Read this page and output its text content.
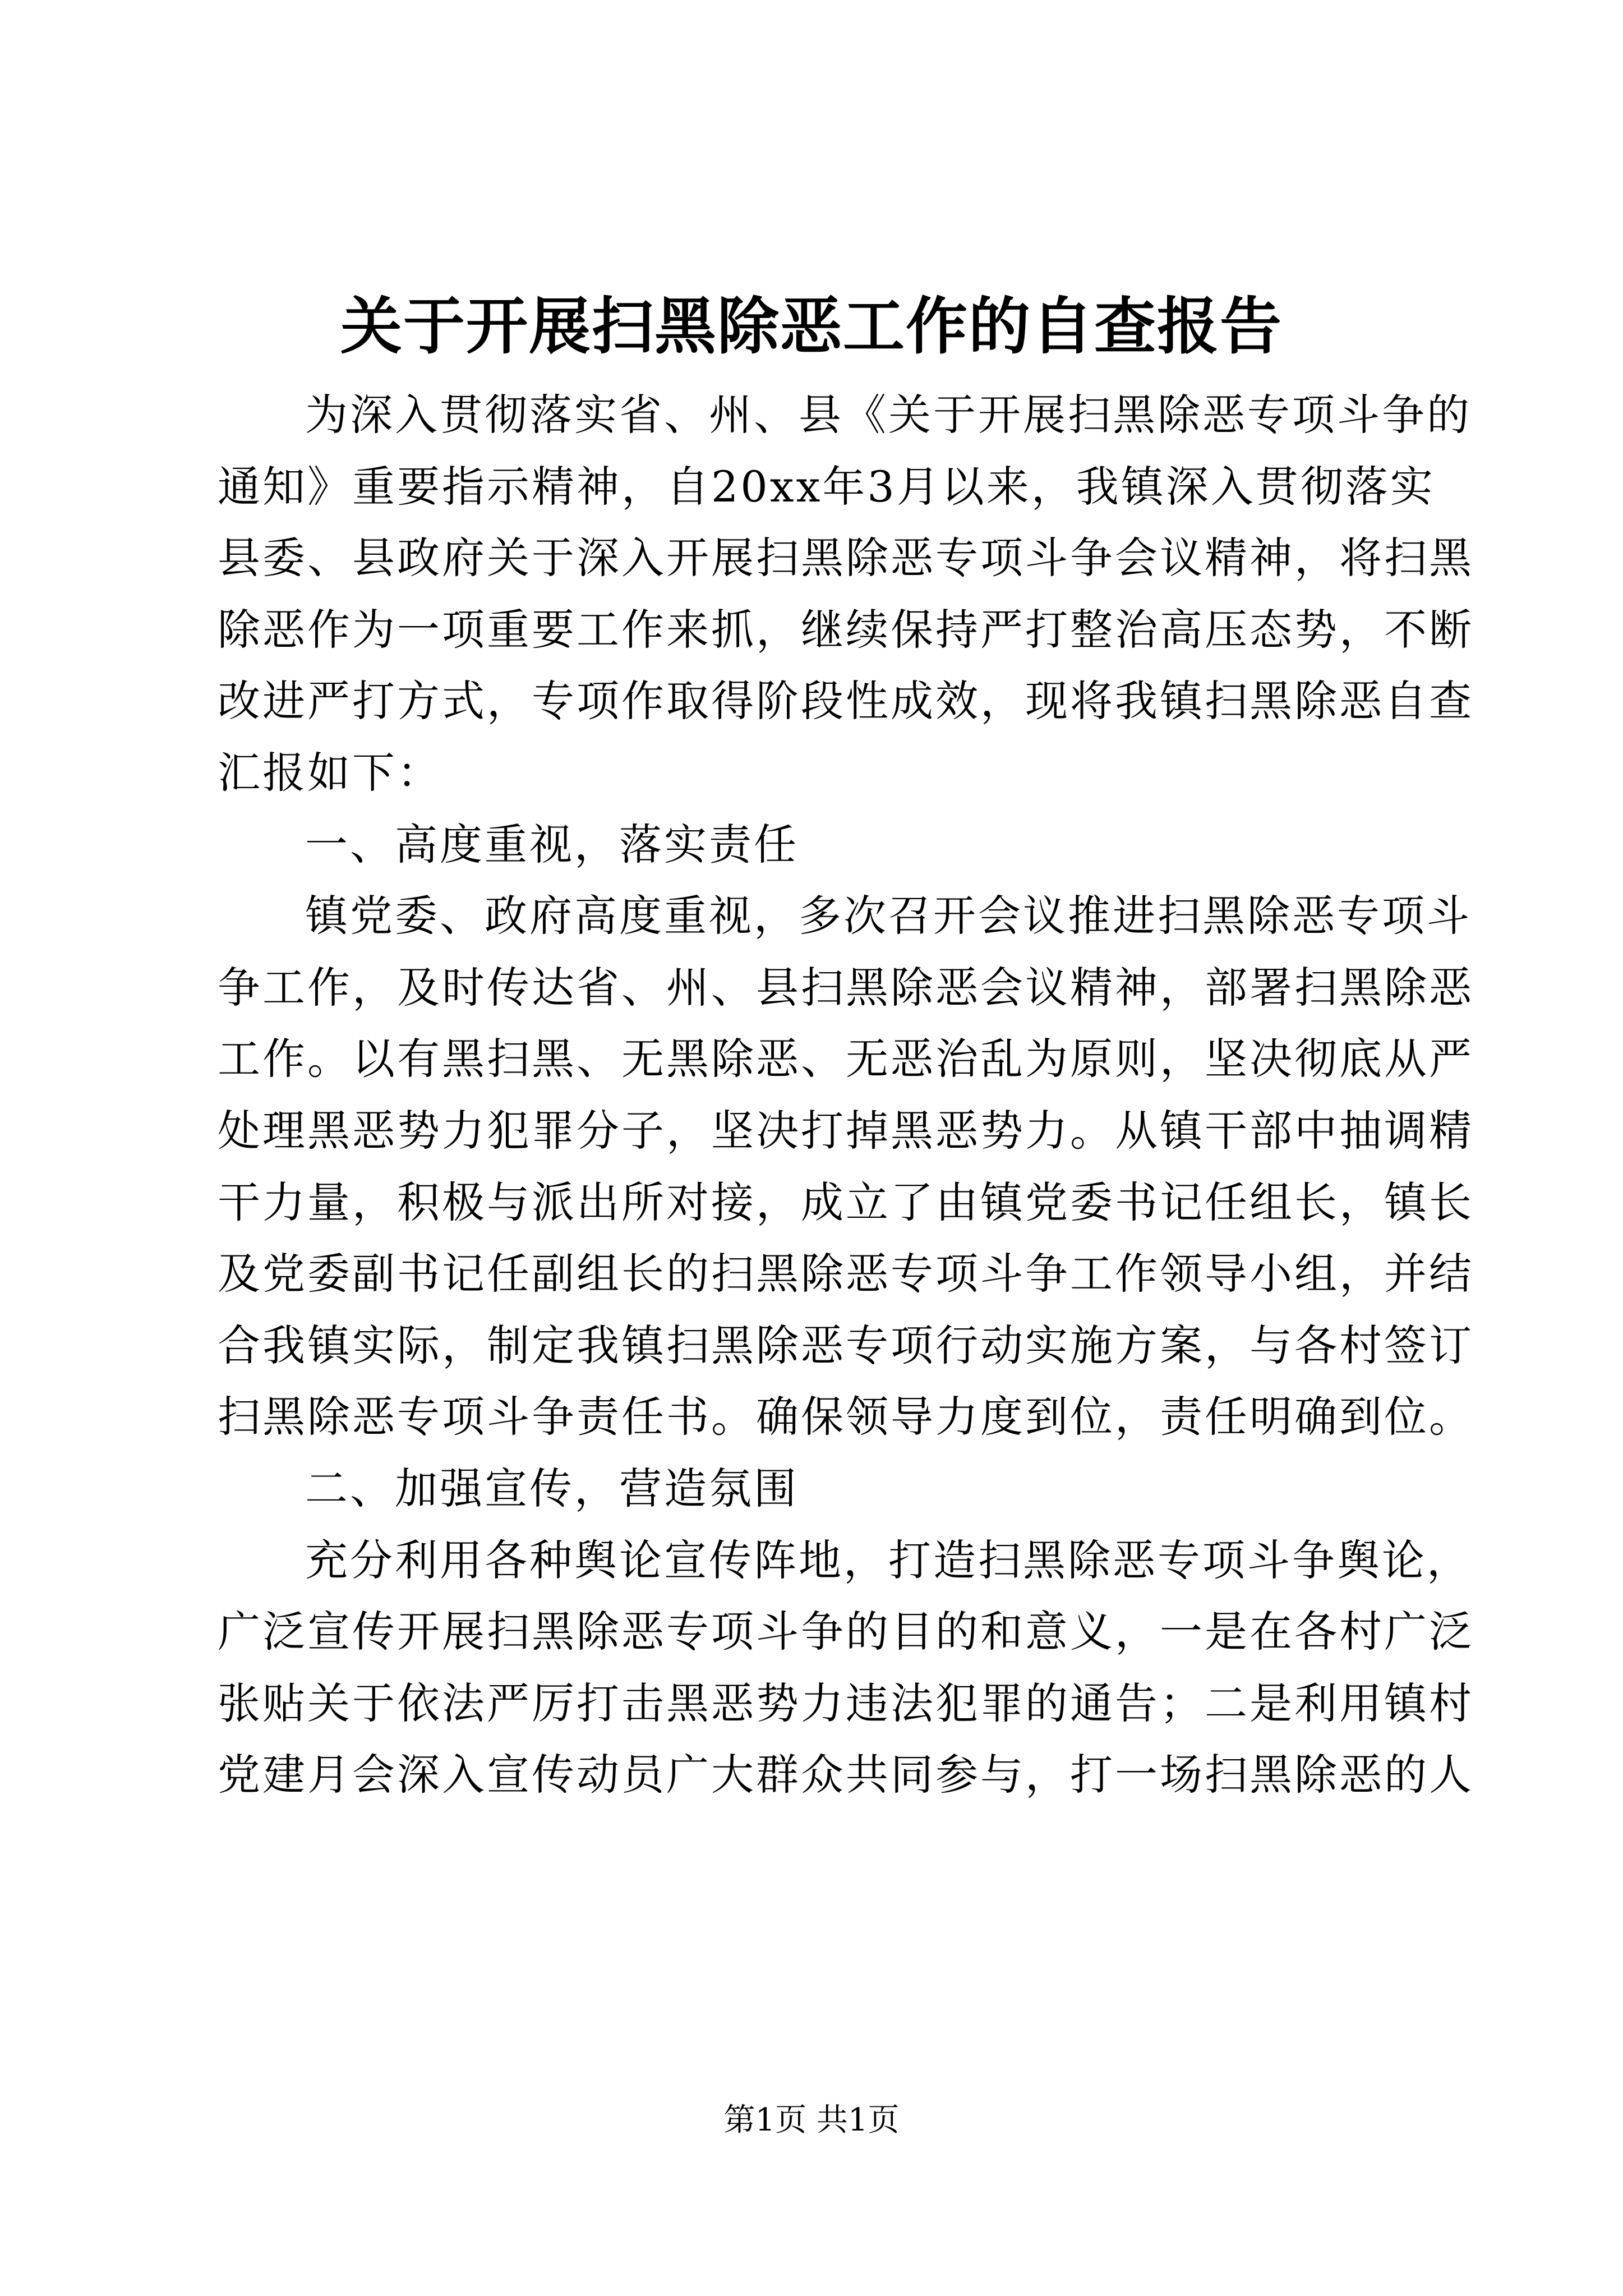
关于开展扫黑除恶工作的自查报告
为深入贯彻落实省、州、县《关于开展扫黑除恶专项斗争的
通知》重要指示精神，自20xx年3月以来，我镇深入贯彻落实
县委、县政府关于深入开展扫黑除恶专项斗争会议精神，将扫黑
除恶作为一项重要工作来抓，继续保持严打整治高压态势，不断
改进严打方式，专项作取得阶段性成效，现将我镇扫黑除恶自查
汇报如下：
一、高度重视，落实责任
镇党委、政府高度重视，多次召开会议推进扫黑除恶专项斗
争工作，及时传达省、州、县扫黑除恶会议精神，部署扫黑除恶
工作。以有黑扫黑、无黑除恶、无恶治乱为原则，坚决彻底从严
处理黑恶势力犯罪分子，坚决打掉黑恶势力。从镇干部中抽调精
干力量，积极与派出所对接，成立了由镇党委书记任组长，镇长
及党委副书记任副组长的扫黑除恶专项斗争工作领导小组，并结
合我镇实际，制定我镇扫黑除恶专项行动实施方案，与各村签订
扫黑除恶专项斗争责任书。确保领导力度到位，责任明确到位。
二、加强宣传，营造氛围
充分利用各种舆论宣传阵地，打造扫黑除恶专项斗争舆论，
广泛宣传开展扫黑除恶专项斗争的目的和意义，一是在各村广泛
张贴关于依法严厉打击黑恶势力违法犯罪的通告；二是利用镇村
党建月会深入宣传动员广大群众共同参与，打一场扫黑除恶的人
第1页 共1页
